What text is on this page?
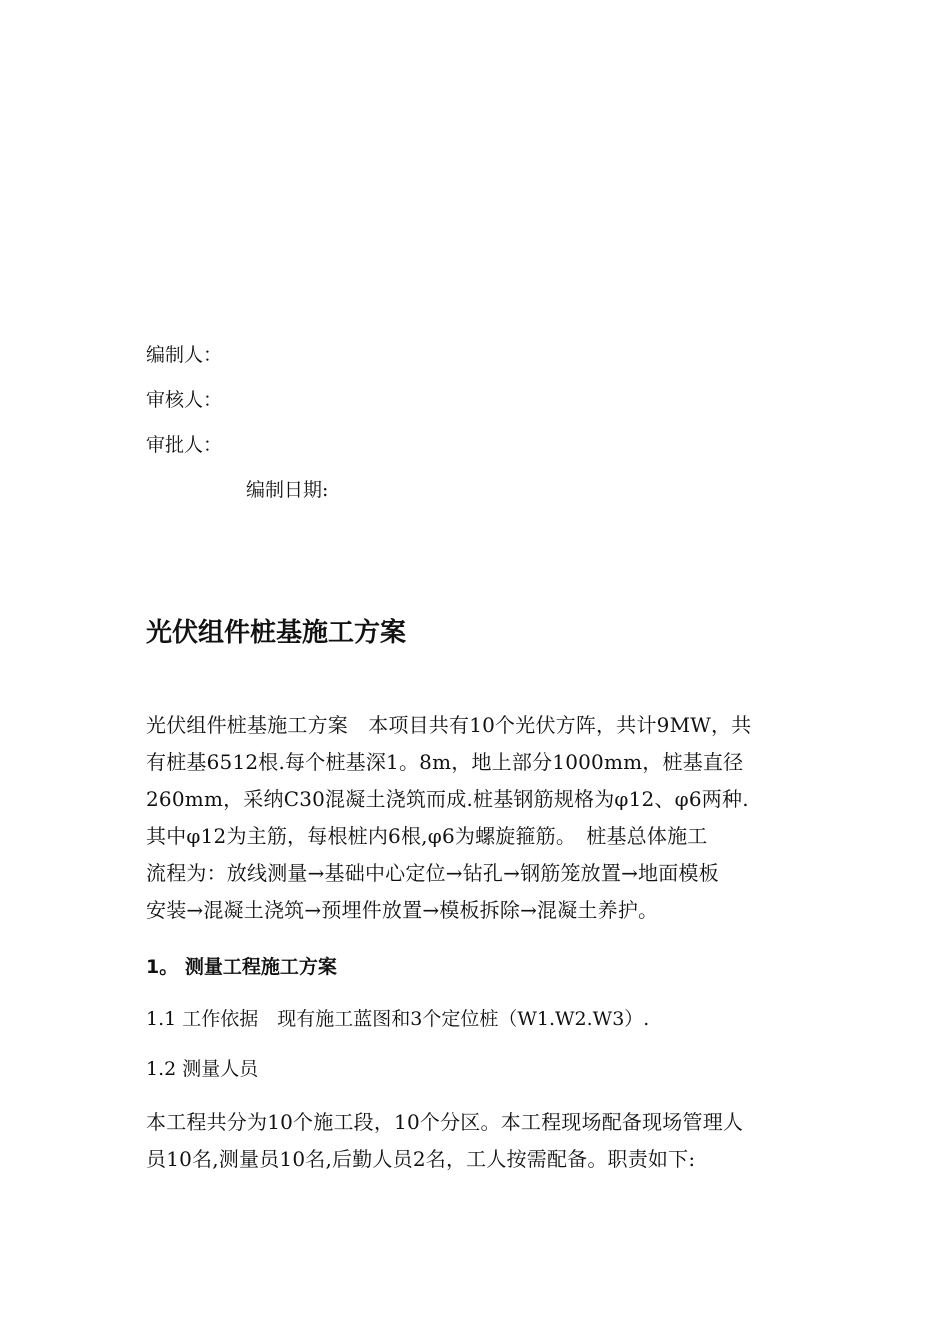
编制人：
审核人：
审批人：
编制日期:
光伏组件桩基施工方案

光伏组件桩基施工方案　本项目共有10个光伏方阵，共计9MW，共
有桩基6512根.每个桩基深1。8m，地上部分1000mm，桩基直径
260mm，采纳C30混凝土浇筑而成.桩基钢筋规格为φ12、φ6两种.
其中φ12为主筋，每根桩内6根,φ6为螺旋箍筋。　桩基总体施工
流程为：放线测量→基础中心定位→钻孔→钢筋笼放置→地面模板
安装→混凝土浇筑→预埋件放置→模板拆除→混凝土养护。

1。 测量工程施工方案
1.1 工作依据　现有施工蓝图和3个定位桩（W1.W2.W3）.
1.2 测量人员

本工程共分为10个施工段，10个分区。本工程现场配备现场管理人
员10名,测量员10名,后勤人员2名，工人按需配备。职责如下:
